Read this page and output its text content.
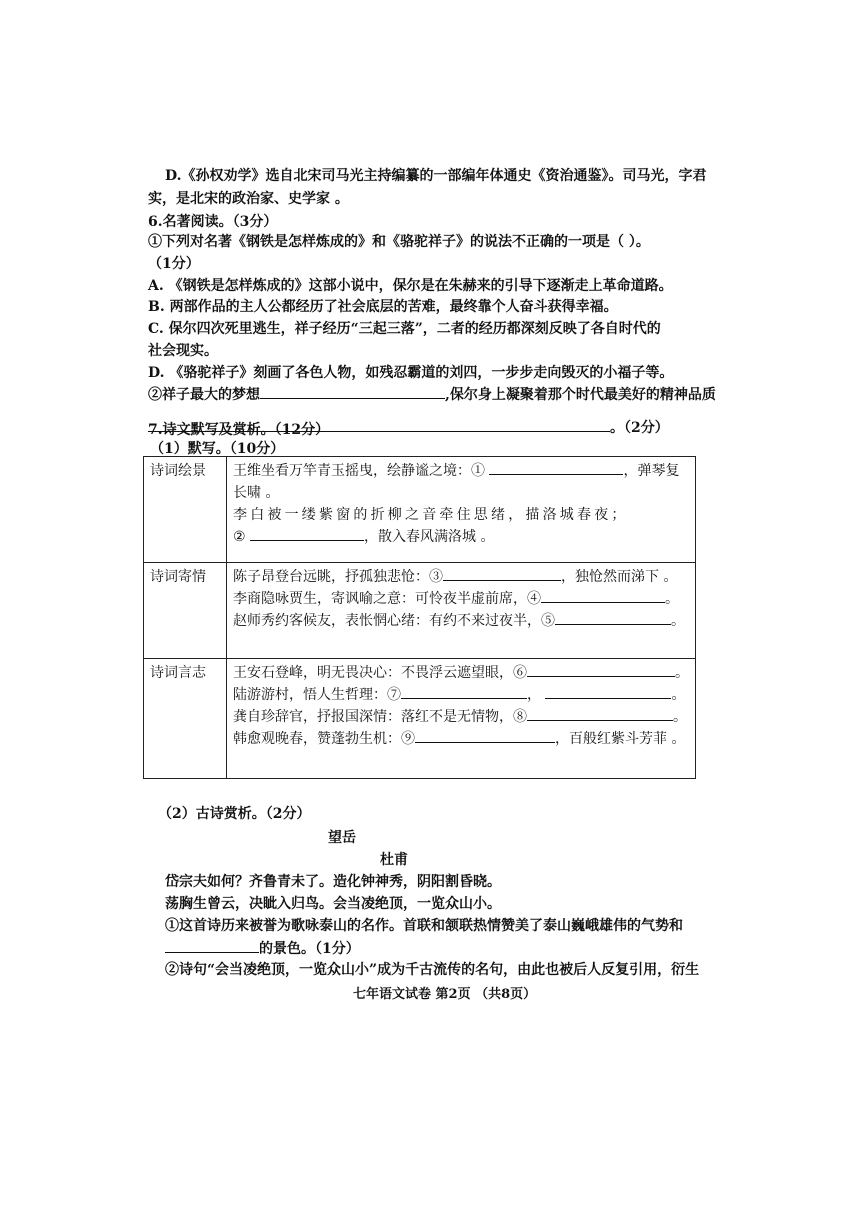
D.《孙权劝学》选自北宋司马光主持编纂的一部编年体通史《资治通鉴》。司马光，字君
实，是北宋的政治家、史学家 。
6.名著阅读。（3分）
①下列对名著《钢铁是怎样炼成的》和《骆驼祥子》的说法不正确的一项是（ ）。
（1分）
A. 《钢铁是怎样炼成的》这部小说中，保尔是在朱赫来的引导下逐渐走上革命道路。
B. 两部作品的主人公都经历了社会底层的苦难，最终靠个人奋斗获得幸福。
C. 保尔四次死里逃生，祥子经历“三起三落”，二者的经历都深刻反映了各自时代的
社会现实。
D. 《骆驼祥子》刻画了各色人物，如残忍霸道的刘四，一步步走向毁灭的小福子等。
②祥子最大的梦想	,保尔身上凝聚着那个时代最美好的精神品质
。（2分）
7.诗文默写及赏析。（12分）
（1）默写。（10分）
诗词绘景	王维坐看万竿青玉摇曳，绘静谧之境：① ，弹琴复
长啸 。
李白被一缕紫窗的折柳之音牵住思绪，描洛城春夜；
② ，散入春风满洛城 。

诗词寄情	陈子昂登台远眺，抒孤独悲怆：③ ，独怆然而涕下 。
李商隐咏贾生，寄讽喻之意：可怜夜半虚前席，④ 。
赵师秀约客候友，表怅惘心绪：有约不来过夜半，⑤ 。

诗词言志	王安石登峰，明无畏决心：不畏浮云遮望眼，⑥ 。
陆游游村，悟人生哲理：⑦ ， 。
龚自珍辞官，抒报国深情：落红不是无情物，⑧ 。
韩愈观晚春，赞蓬勃生机：⑨ ，百般红紫斗芳菲 。
（2）古诗赏析。（2分）
望岳
杜甫
岱宗夫如何？齐鲁青未了。造化钟神秀，阴阳割昏晓。
荡胸生曾云，决眦入归鸟。会当凌绝顶，一览众山小。
①这首诗历来被誉为歌咏泰山的名作。首联和颔联热情赞美了泰山巍峨雄伟的气势和
的景色。（1分）
②诗句“会当凌绝顶，一览众山小”成为千古流传的名句，由此也被后人反复引用，衍生
七年语文试卷 第2页 （共8页）
